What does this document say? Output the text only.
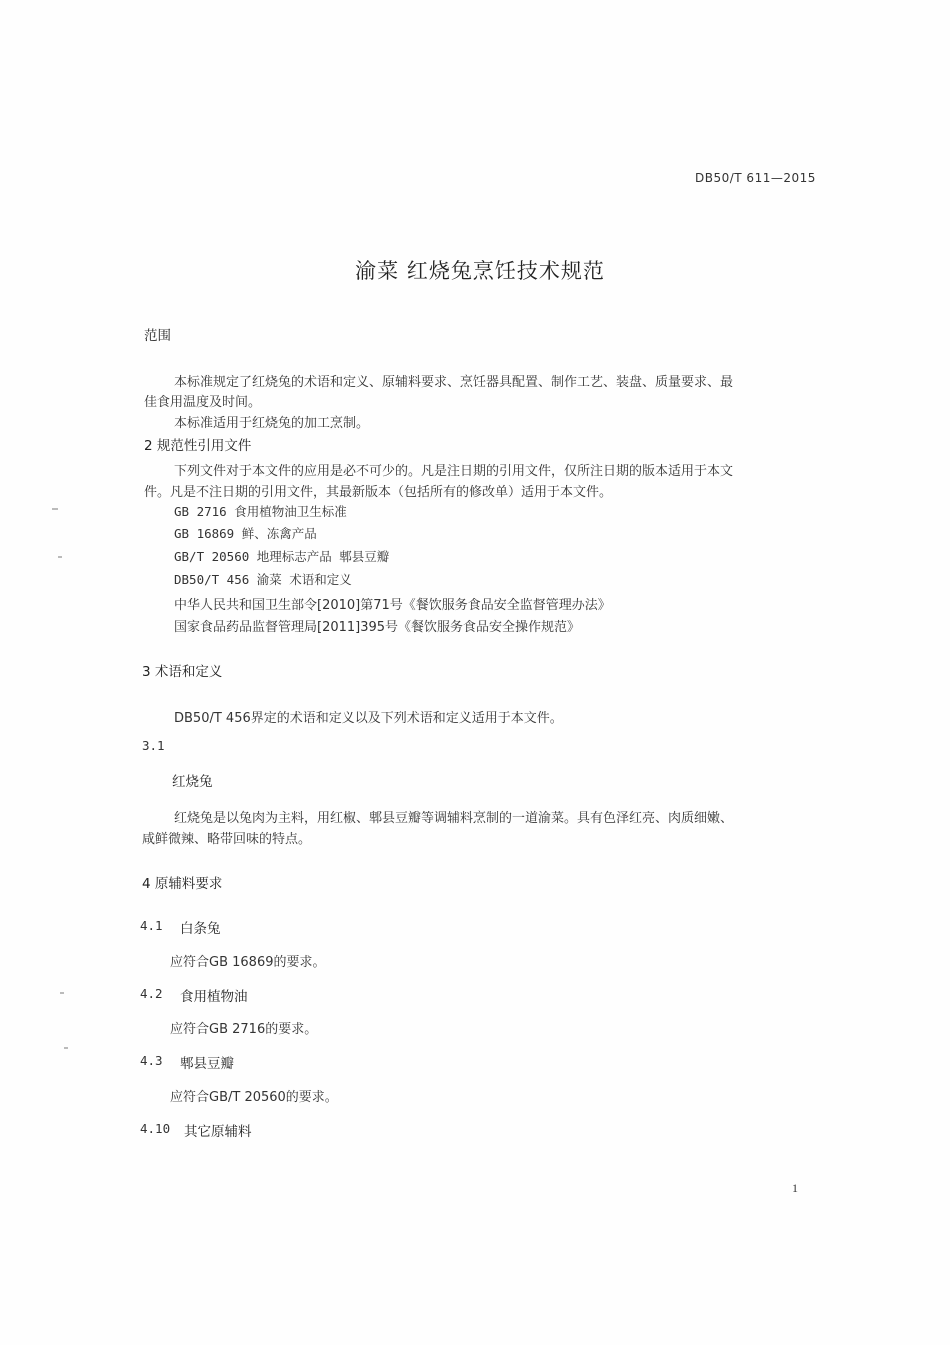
DB50/T 611—2015
渝菜 红烧兔烹饪技术规范
范围
本标准规定了红烧兔的术语和定义、原辅料要求、烹饪器具配置、制作工艺、装盘、质量要求、最
佳食用温度及时间。
本标准适用于红烧兔的加工烹制。
2 规范性引用文件
下列文件对于本文件的应用是必不可少的。凡是注日期的引用文件，仅所注日期的版本适用于本文
件。凡是不注日期的引用文件，其最新版本（包括所有的修改单）适用于本文件。
GB 2716 食用植物油卫生标准
GB 16869 鲜、冻禽产品
GB/T 20560 地理标志产品 郫县豆瓣
DB50/T 456 渝菜 术语和定义
中华人民共和国卫生部令[2010]第71号《餐饮服务食品安全监督管理办法》
国家食品药品监督管理局[2011]395号《餐饮服务食品安全操作规范》
3 术语和定义
DB50/T 456界定的术语和定义以及下列术语和定义适用于本文件。
3.1
红烧兔
红烧兔是以兔肉为主料，用红椒、郫县豆瓣等调辅料烹制的一道渝菜。具有色泽红亮、肉质细嫩、
咸鲜微辣、略带回味的特点。
4 原辅料要求
4.1 白条兔
应符合GB 16869的要求。
4.2 食用植物油
应符合GB 2716的要求。
4.3 郫县豆瓣
应符合GB/T 20560的要求。
4.10 其它原辅料
1
